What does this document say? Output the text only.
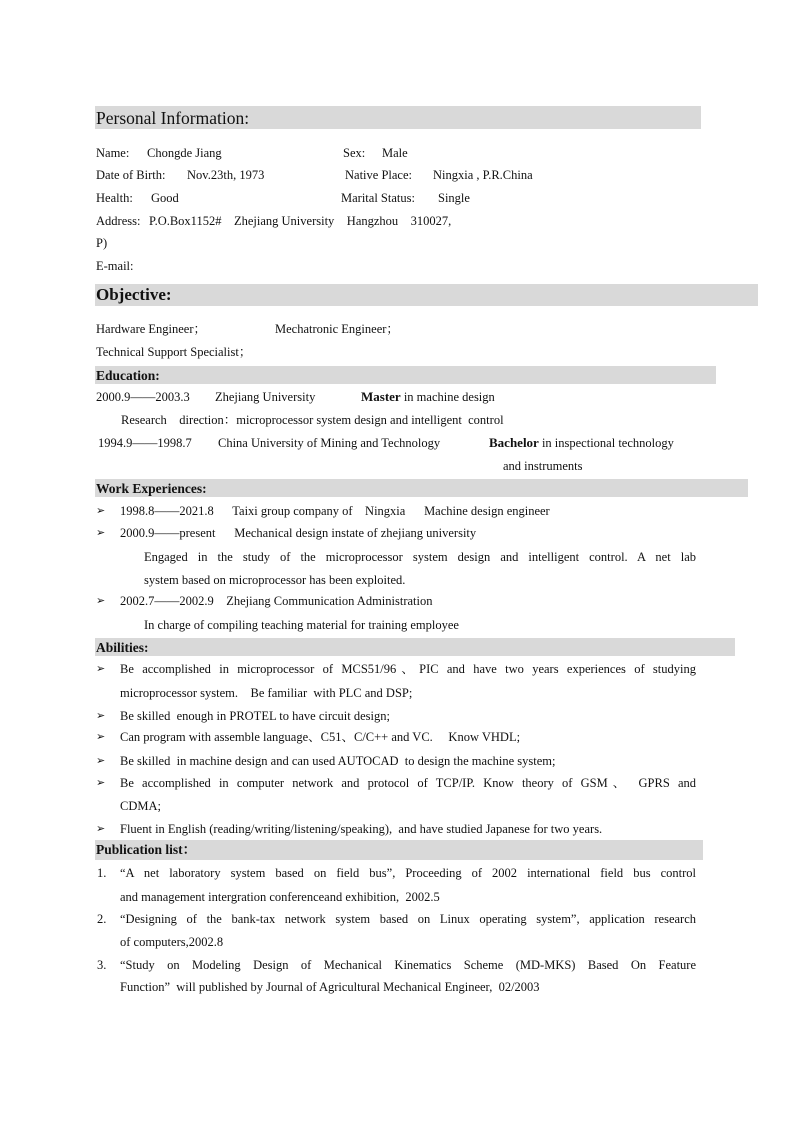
Personal Information:
Name: Chongde Jiang	Sex: Male
Date of Birth: Nov.23th, 1973	Native Place: Ningxia , P.R.China
Health: Good	Marital Status: Single
Address: P.O.Box1152#    Zhejiang University    Hangzhou    310027,
P)
E-mail:
Objective:
Hardware Engineer；	Mechatronic Engineer；
Technical Support Specialist；
Education:
2000.9——2003.3 Zhejiang University	Master in machine design
Research    direction：microprocessor system design and intelligent  control
1994.9——1998.7 China University of Mining and Technology	Bachelor in inspectional technology
and instruments
Work Experiences:
➢ 1998.8——2021.8      Taixi group company of    Ningxia      Machine design engineer
➢ 2000.9——present      Mechanical design instate of zhejiang university
Engaged in the study of the microprocessor system design and intelligent control. A net lab
system based on microprocessor has been exploited.
➢ 2002.7——2002.9    Zhejiang Communication Administration
In charge of compiling teaching material for training employee
Abilities:
➢ Be accomplished in microprocessor of MCS51/96、PIC and have two years experiences of studying
microprocessor system.    Be familiar  with PLC and DSP;
➢ Be skilled  enough in PROTEL to have circuit design;
➢ Can program with assemble language、C51、C/C++ and VC.     Know VHDL;
➢ Be skilled  in machine design and can used AUTOCAD  to design the machine system;
➢ Be accomplished in computer network and protocol of TCP/IP. Know theory of GSM、 GPRS and
CDMA;
➢ Fluent in English (reading/writing/listening/speaking),  and have studied Japanese for two years.
Publication list：
1. “A net laboratory system based on field bus”, Proceeding of 2002 international field bus control
and management intergration conferenceand exhibition,  2002.5
2. “Designing of the bank-tax network system based on Linux operating system”, application research
of computers,2002.8
3. “Study on Modeling Design of Mechanical Kinematics Scheme (MD-MKS) Based On Feature
Function”  will published by Journal of Agricultural Mechanical Engineer,  02/2003
